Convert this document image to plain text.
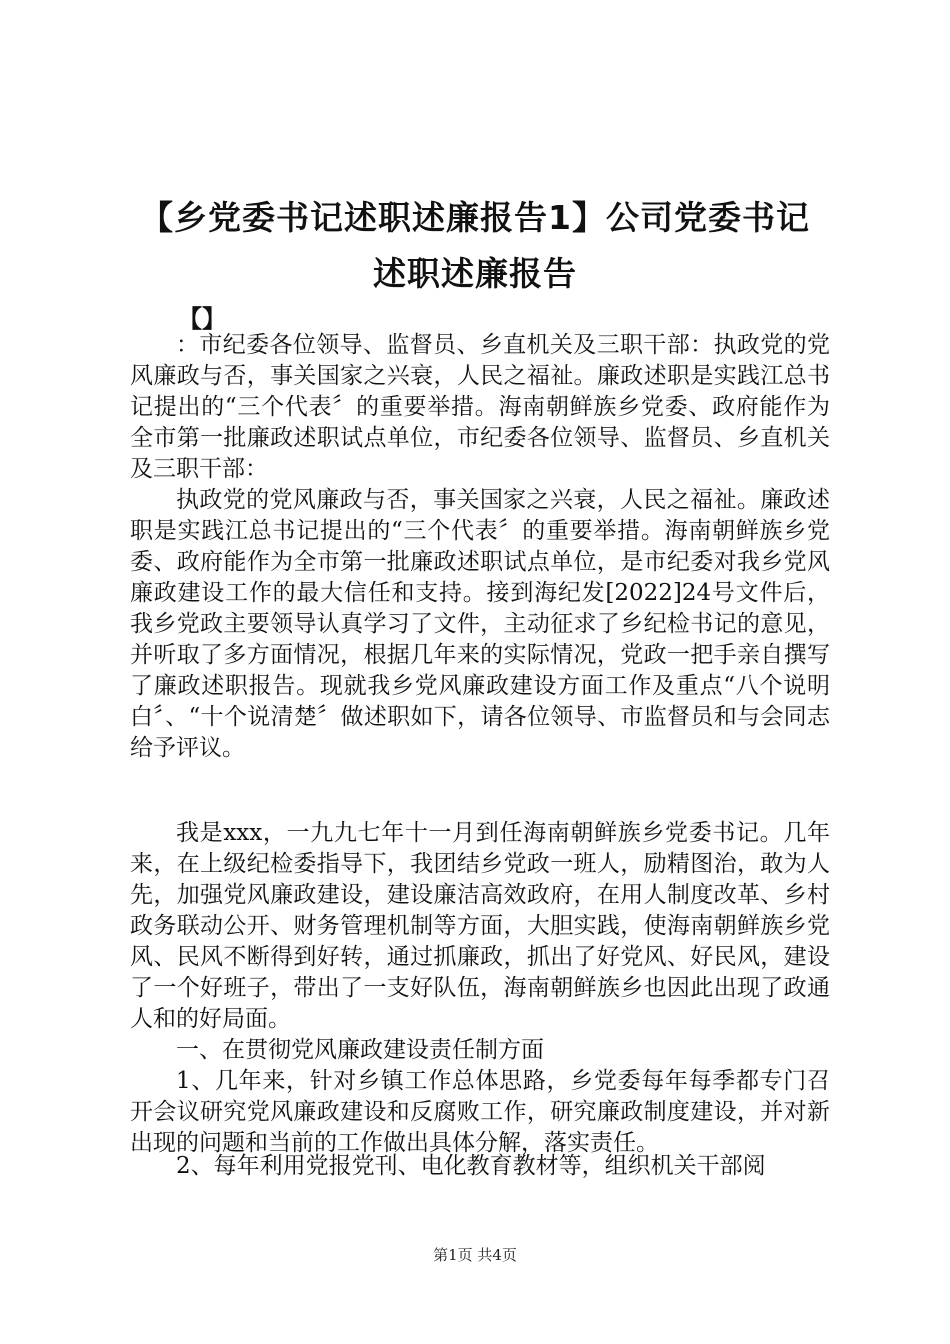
【乡党委书记述职述廉报告1】公司党委书记
述职述廉报告
【】

：市纪委各位领导、监督员、乡直机关及三职干部：执政党的党风廉政与否，事关国家之兴衰，人民之福祉。廉政述职是实践江总书记提出的“三个代表〞的重要举措。海南朝鲜族乡党委、政府能作为全市第一批廉政述职试点单位，市纪委各位领导、监督员、乡直机关及三职干部：

执政党的党风廉政与否，事关国家之兴衰，人民之福祉。廉政述职是实践江总书记提出的“三个代表〞的重要举措。海南朝鲜族乡党委、政府能作为全市第一批廉政述职试点单位，是市纪委对我乡党风廉政建设工作的最大信任和支持。接到海纪发[2022]24号文件后，我乡党政主要领导认真学习了文件，主动征求了乡纪检书记的意见，并听取了多方面情况，根据几年来的实际情况，党政一把手亲自撰写了廉政述职报告。现就我乡党风廉政建设方面工作及重点“八个说明白〞、“十个说清楚〞做述职如下，请各位领导、市监督员和与会同志给予评议。

我是xxx，一九九七年十一月到任海南朝鲜族乡党委书记。几年来，在上级纪检委指导下，我团结乡党政一班人，励精图治，敢为人先，加强党风廉政建设，建设廉洁高效政府，在用人制度改革、乡村政务联动公开、财务管理机制等方面，大胆实践，使海南朝鲜族乡党风、民风不断得到好转，通过抓廉政，抓出了好党风、好民风，建设了一个好班子，带出了一支好队伍，海南朝鲜族乡也因此出现了政通人和的好局面。

一、在贯彻党风廉政建设责任制方面

1、几年来，针对乡镇工作总体思路，乡党委每年每季都专门召开会议研究党风廉政建设和反腐败工作，研究廉政制度建设，并对新出现的问题和当前的工作做出具体分解，落实责任。

2、每年利用党报党刊、电化教育教材等，组织机关干部阅

第1页 共4页
